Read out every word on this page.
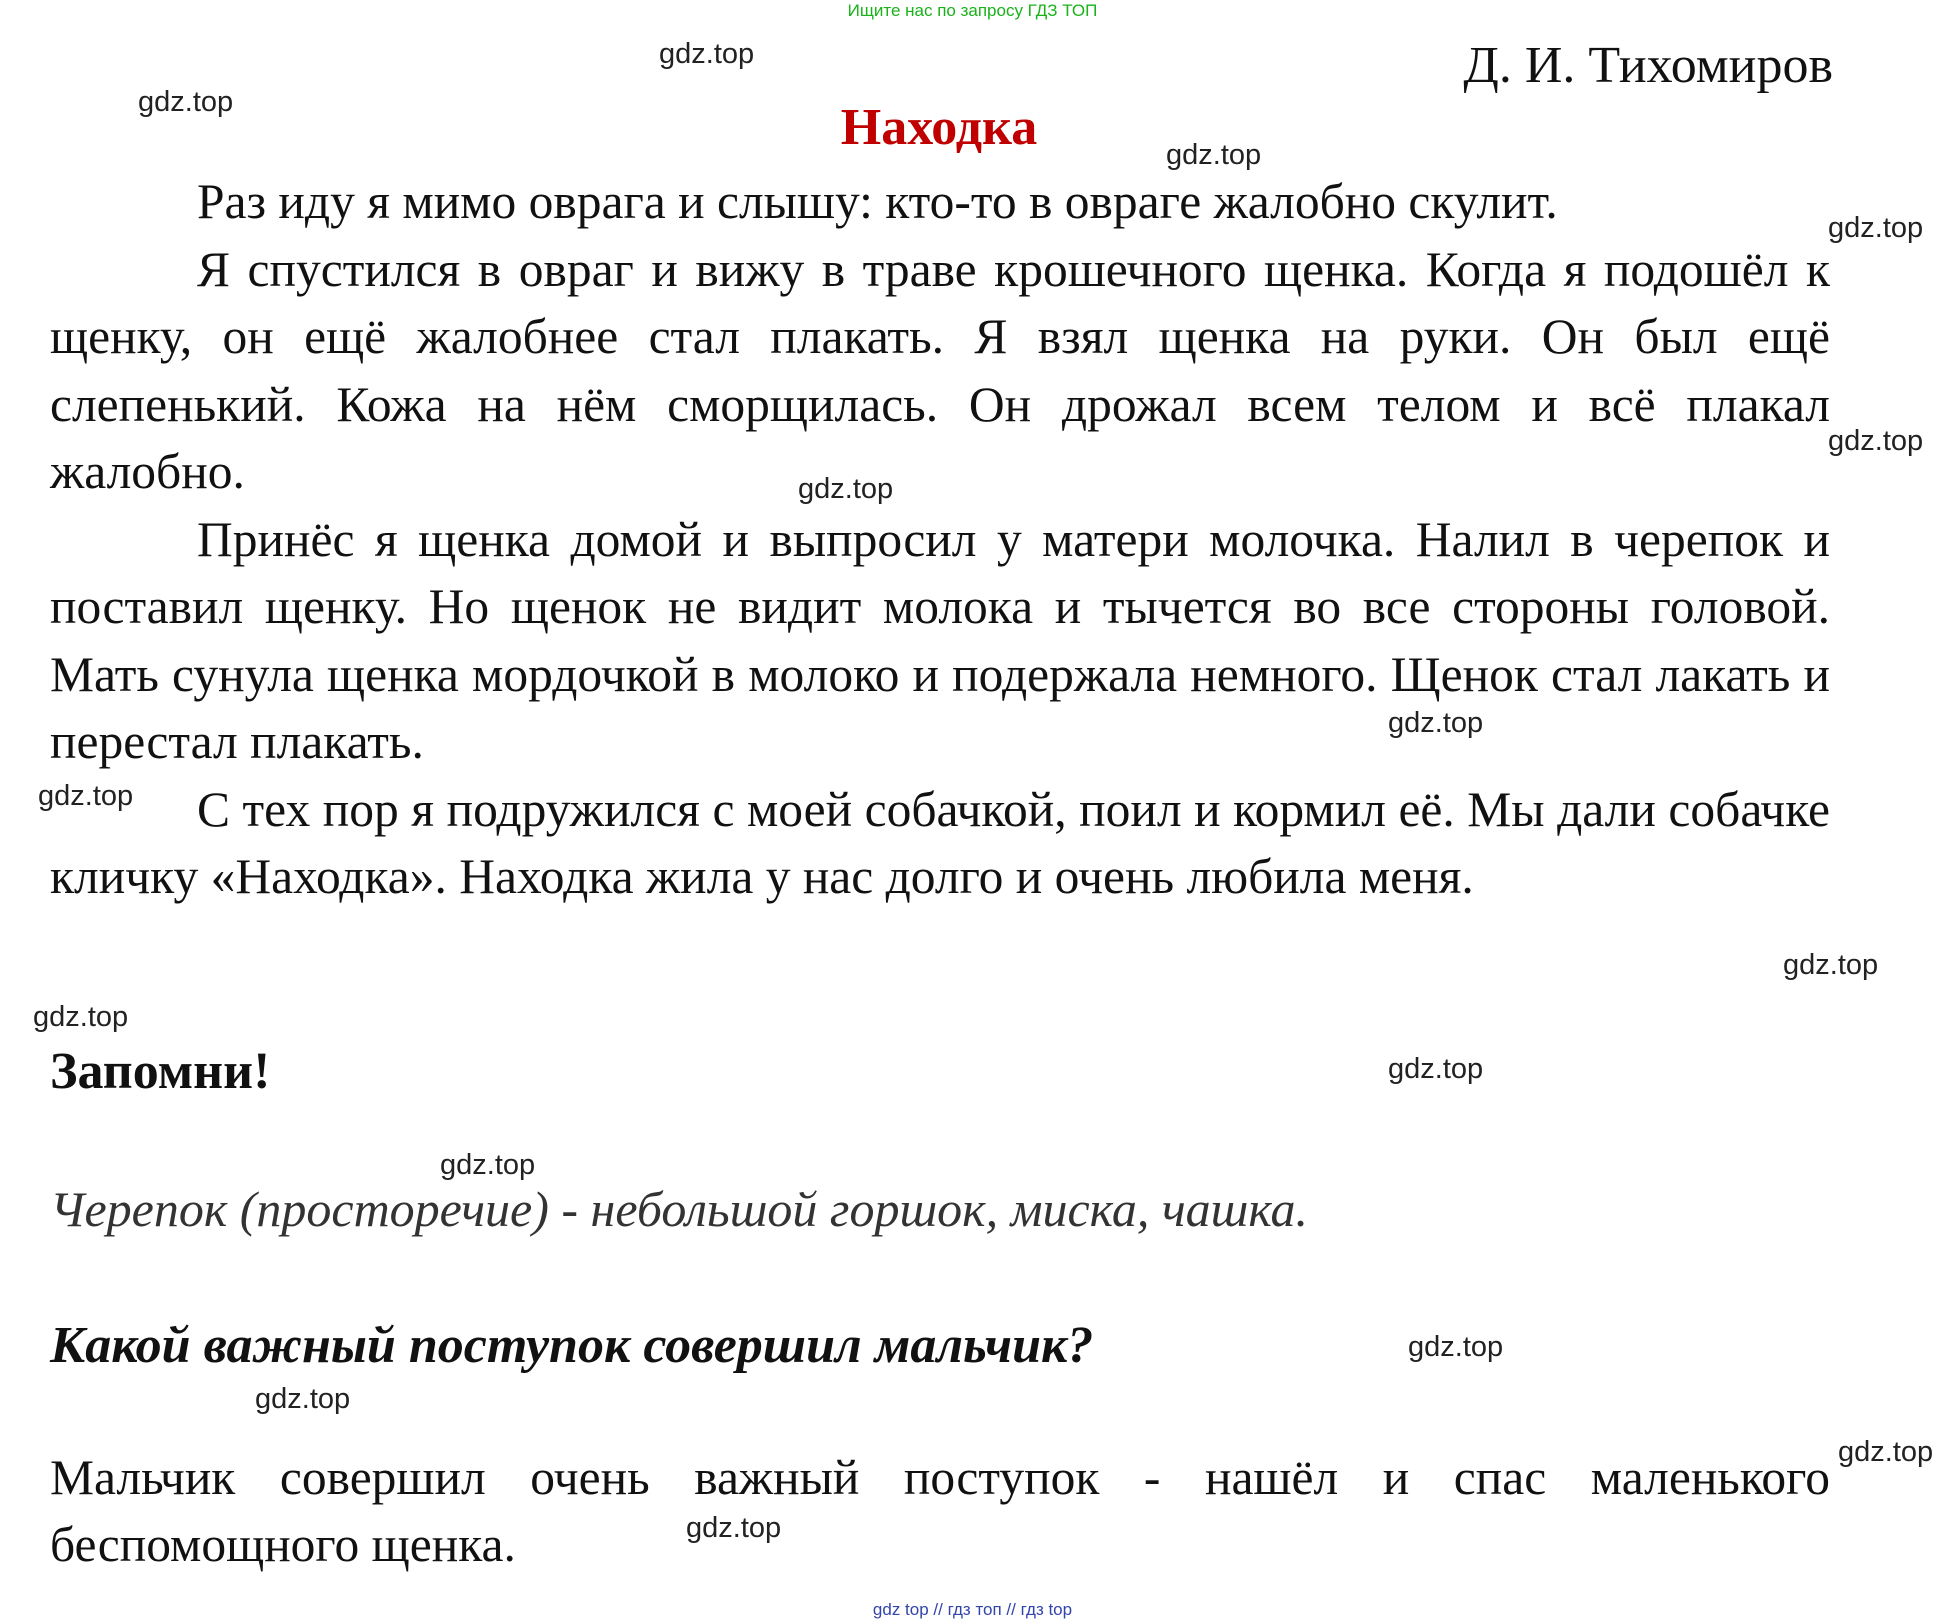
Ищите нас по запросу ГДЗ ТОП
Д. И. Тихомиров
Находка

Раз иду я мимо оврага и слышу: кто-то в овраге жалобно скулит.

Я спустился в овраг и вижу в траве крошечного щенка. Когда я подошёл к щенку, он ещё жалобнее стал плакать. Я взял щенка на руки. Он был ещё слепенький. Кожа на нём сморщилась. Он дрожал всем телом и всё плакал жалобно.

Принёс я щенка домой и выпросил у матери молочка. Налил в черепок и поставил щенку. Но щенок не видит молока и тычется во все стороны головой. Мать сунула щенка мордочкой в молоко и подержала немного. Щенок стал лакать и перестал плакать.

С тех пор я подружился с моей собачкой, поил и кормил её. Мы дали собачке кличку «Находка». Находка жила у нас долго и очень любила меня.

Запомни!
Черепок (просторечие) - небольшой горшок, миска, чашка.
Какой важный поступок совершил мальчик?
Мальчик совершил очень важный поступок - нашёл и спас маленького беспомощного щенка.
gdz top // гдз топ // гдз top
gdz.top
gdz.top
gdz.top
gdz.top
gdz.top
gdz.top
gdz.top
gdz.top
gdz.top
gdz.top
gdz.top
gdz.top
gdz.top
gdz.top
gdz.top
gdz.top
